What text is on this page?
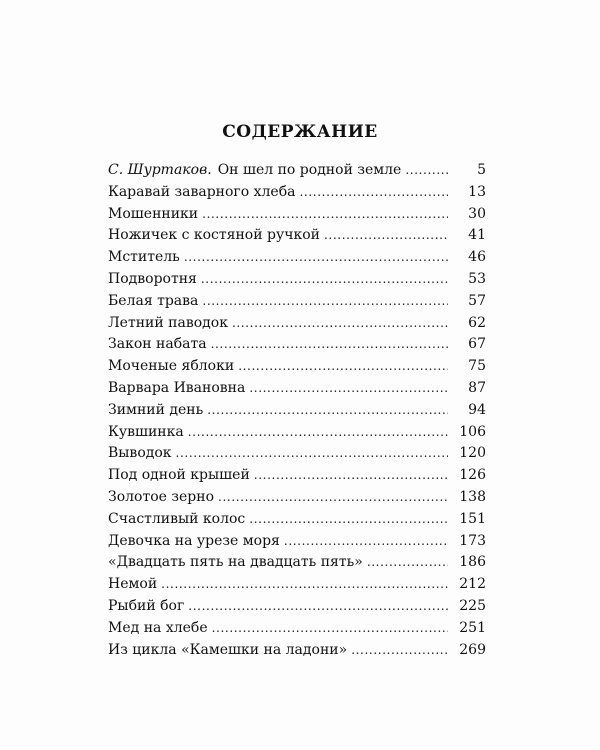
СОДЕРЖАНИЕ
С. Шуртаков. Он шел по родной земле . . .	5
Каравай заварного хлеба . . .	13
Мошенники . . .	30
Ножичек с костяной ручкой . . .	41
Мститель . . .	46
Подворотня . . .	53
Белая трава . . .	57
Летний паводок . . .	62
Закон набата . . .	67
Моченые яблоки . . .	75
Варвара Ивановна . . .	87
Зимний день . . .	94
Кувшинка . . .	106
Выводок . . .	120
Под одной крышей . . .	126
Золотое зерно . . .	138
Счастливый колос . . .	151
Девочка на урезе моря . . .	173
«Двадцать пять на двадцать пять» . . .	186
Немой . . .	212
Рыбий бог . . .	225
Мед на хлебе . . .	251
Из цикла «Камешки на ладони» . . .	269
